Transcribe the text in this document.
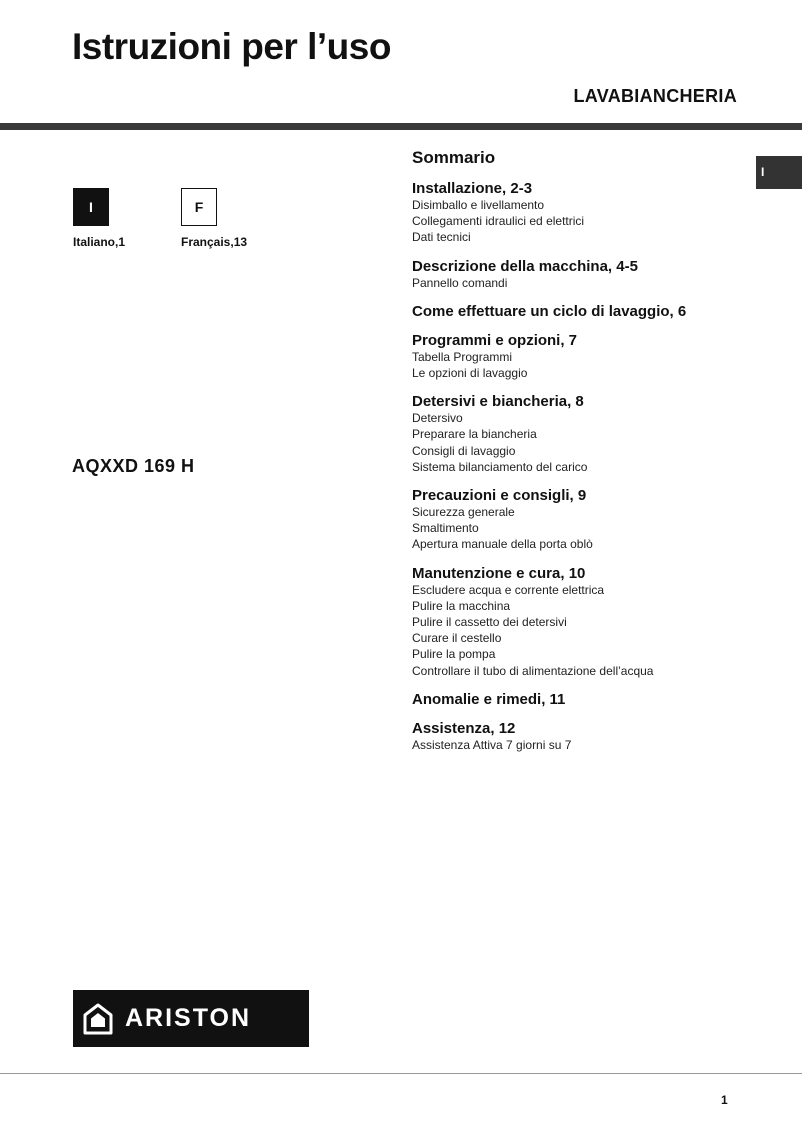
Istruzioni per l’uso
LAVABIANCHERIA
I	F
Italiano,1	Français,13
AQXXD 169 H
I
Sommario
Installazione, 2-3
Disimballo e livellamento
Collegamenti idraulici ed elettrici
Dati tecnici
Descrizione della macchina, 4-5
Pannello comandi
Come effettuare un ciclo di lavaggio, 6
Programmi e opzioni, 7
Tabella Programmi
Le opzioni di lavaggio
Detersivi e biancheria, 8
Detersivo
Preparare la biancheria
Consigli di lavaggio
Sistema bilanciamento del carico
Precauzioni e consigli, 9
Sicurezza generale
Smaltimento
Apertura manuale della porta oblò
Manutenzione e cura, 10
Escludere acqua e corrente elettrica
Pulire la macchina
Pulire il cassetto dei detersivi
Curare il cestello
Pulire la pompa
Controllare il tubo di alimentazione dell’acqua
Anomalie e rimedi, 11
Assistenza, 12
Assistenza Attiva 7 giorni su 7
ARISTON
1
